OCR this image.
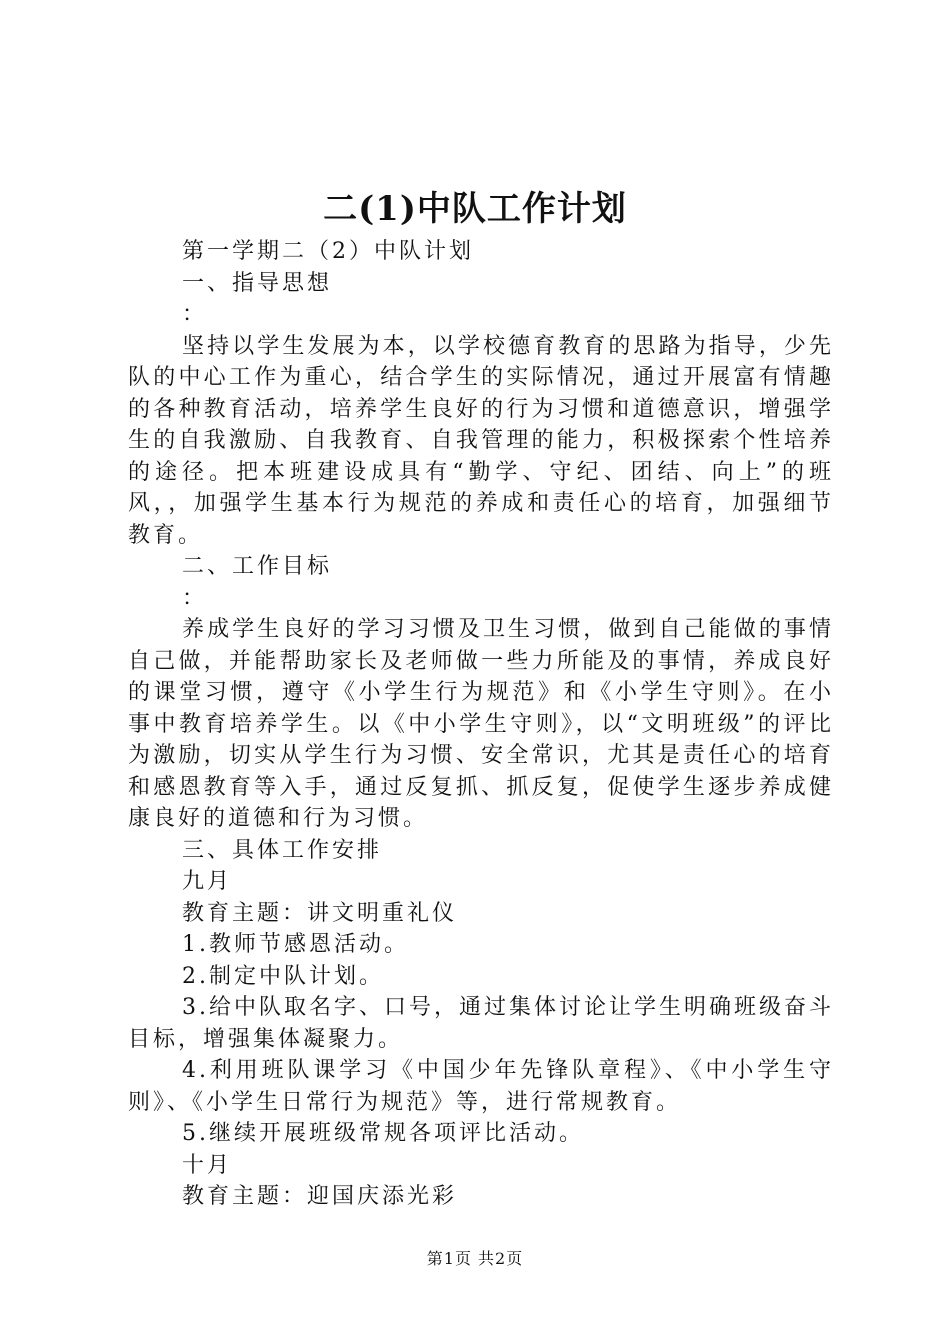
二(1)中队工作计划
第一学期二（2）中队计划
一、指导思想
：
坚持以学生发展为本，以学校德育教育的思路为指导，少先队的中心工作为重心，结合学生的实际情况，通过开展富有情趣的各种教育活动，培养学生良好的行为习惯和道德意识，增强学生的自我激励、自我教育、自我管理的能力，积极探索个性培养的途径。把本班建设成具有“勤学、守纪、团结、向上”的班风，，加强学生基本行为规范的养成和责任心的培育，加强细节教育。
二、工作目标
：
养成学生良好的学习习惯及卫生习惯，做到自己能做的事情自己做，并能帮助家长及老师做一些力所能及的事情，养成良好的课堂习惯，遵守《小学生行为规范》和《小学生守则》。在小事中教育培养学生。以《中小学生守则》，以“文明班级”的评比为激励，切实从学生行为习惯、安全常识，尤其是责任心的培育和感恩教育等入手，通过反复抓、抓反复，促使学生逐步养成健康良好的道德和行为习惯。
三、具体工作安排
九月
教育主题：讲文明重礼仪
1.教师节感恩活动。
2.制定中队计划。
3.给中队取名字、口号，通过集体讨论让学生明确班级奋斗目标，增强集体凝聚力。
4.利用班队课学习《中国少年先锋队章程》、《中小学生守则》、《小学生日常行为规范》等，进行常规教育。
5.继续开展班级常规各项评比活动。
十月
教育主题：迎国庆添光彩
第1页 共2页
